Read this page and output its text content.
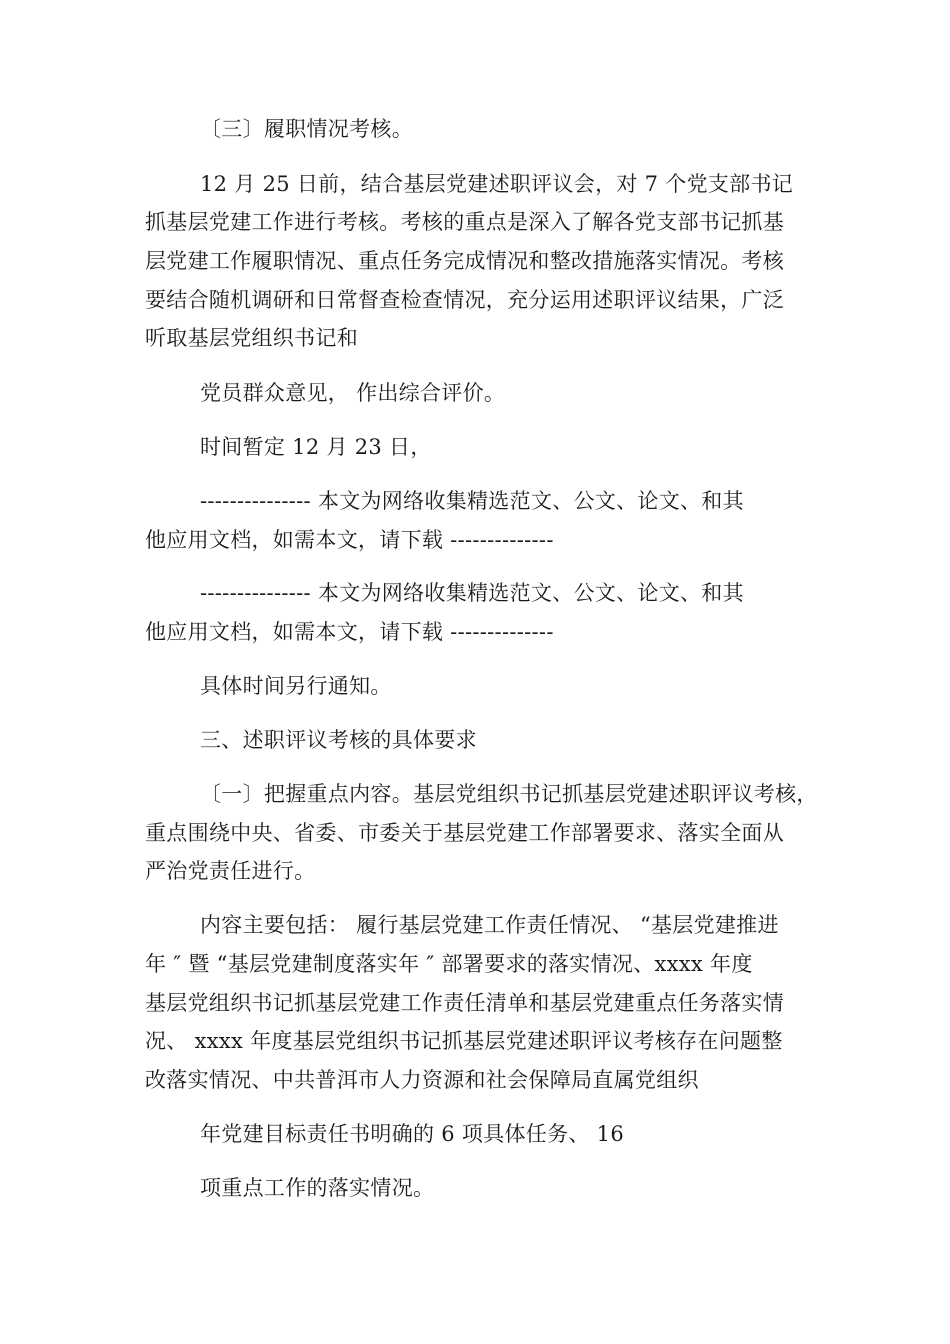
〔三〕履职情况考核。
12 月 25 日前，结合基层党建述职评议会，对 7 个党支部书记
抓基层党建工作进行考核。考核的重点是深入了解各党支部书记抓基
层党建工作履职情况、重点任务完成情况和整改措施落实情况。考核
要结合随机调研和日常督查检查情况，充分运用述职评议结果，广泛
听取基层党组织书记和
党员群众意见， 作出综合评价。
时间暂定 12 月 23 日，
--------------- 本文为网络收集精选范文、公文、论文、和其
他应用文档，如需本文，请下载 --------------
--------------- 本文为网络收集精选范文、公文、论文、和其
他应用文档，如需本文，请下载 --------------
具体时间另行通知。
三、述职评议考核的具体要求
〔一〕把握重点内容。基层党组织书记抓基层党建述职评议考核，
重点围绕中央、省委、市委关于基层党建工作部署要求、落实全面从
严治党责任进行。
内容主要包括： 履行基层党建工作责任情况、 “基层党建推进
年 ″ 暨 “基层党建制度落实年 ″ 部署要求的落实情况、xxxx 年度
基层党组织书记抓基层党建工作责任清单和基层党建重点任务落实情
况、 xxxx 年度基层党组织书记抓基层党建述职评议考核存在问题整
改落实情况、中共普洱市人力资源和社会保障局直属党组织
年党建目标责任书明确的 6 项具体任务、 16
项重点工作的落实情况。
